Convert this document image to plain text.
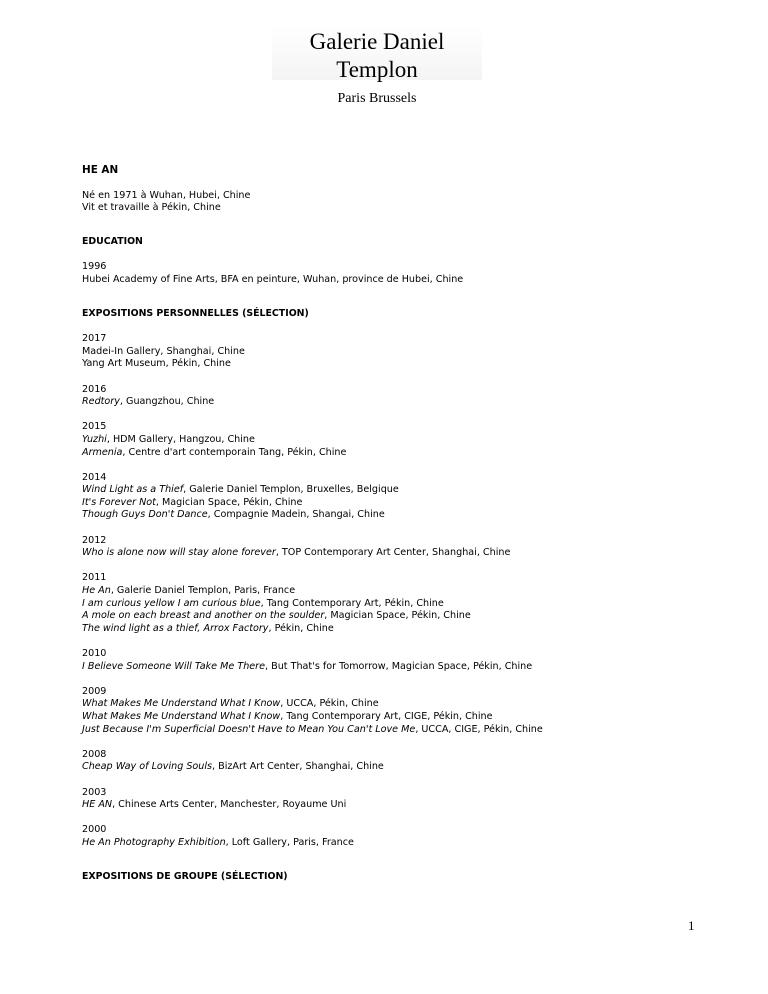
Galerie Daniel Templon
Paris Brussels
HE AN
Né en 1971 à Wuhan, Hubei, Chine
Vit et travaille à Pékin, Chine
EDUCATION
1996
Hubei Academy of Fine Arts, BFA en peinture, Wuhan, province de Hubei, Chine
EXPOSITIONS PERSONNELLES (SÉLECTION)
2017
Madei-In Gallery, Shanghai, Chine
Yang Art Museum, Pékin, Chine
2016
Redtory, Guangzhou, Chine
2015
Yuzhi, HDM Gallery, Hangzou, Chine
Armenia, Centre d'art contemporain Tang, Pékin, Chine
2014
Wind Light as a Thief, Galerie Daniel Templon, Bruxelles, Belgique
It's Forever Not, Magician Space, Pékin, Chine
Though Guys Don't Dance, Compagnie Madein, Shangai, Chine
2012
Who is alone now will stay alone forever, TOP Contemporary Art Center, Shanghai, Chine
2011
He An, Galerie Daniel Templon, Paris, France
I am curious yellow I am curious blue, Tang Contemporary Art, Pékin, Chine
A mole on each breast and another on the soulder, Magician Space, Pékin, Chine
The wind light as a thief, Arrox Factory, Pékin, Chine
2010
I Believe Someone Will Take Me There, But That's for Tomorrow, Magician Space, Pékin, Chine
2009
What Makes Me Understand What I Know, UCCA, Pékin, Chine
What Makes Me Understand What I Know, Tang Contemporary Art, CIGE, Pékin, Chine
Just Because I'm Superficial Doesn't Have to Mean You Can't Love Me, UCCA, CIGE, Pékin, Chine
2008
Cheap Way of Loving Souls, BizArt Art Center, Shanghai, Chine
2003
HE AN, Chinese Arts Center, Manchester, Royaume Uni
2000
He An Photography Exhibition, Loft Gallery, Paris, France
EXPOSITIONS DE GROUPE (SÉLECTION)
1
